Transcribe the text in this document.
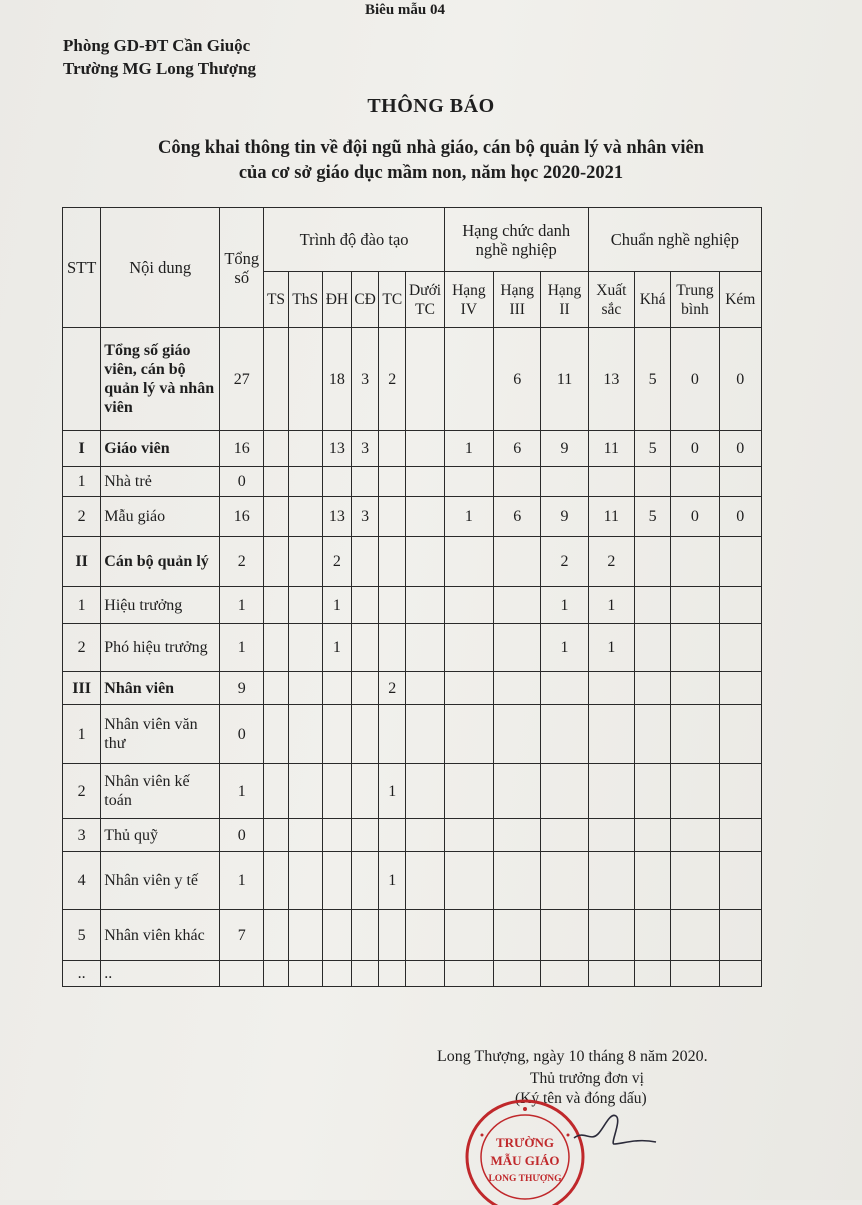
Biêu mẫu 04
Phòng GD-ĐT Cần Giuộc
Trường MG Long Thượng
THÔNG BÁO
Công khai thông tin về đội ngũ nhà giáo, cán bộ quản lý và nhân viên
của cơ sở giáo dục mầm non, năm học 2020-2021
STT	Nội dung	Tổng số	Trình độ đào tạo						Hạng chức danh nghề nghiệp			Chuẩn nghề nghiệp			
			TS	ThS	ĐH	CĐ	TC	Dưới TC	Hạng IV	Hạng III	Hạng II	Xuất sắc	Khá	Trung bình	Kém
	Tổng số giáo viên, cán bộ quản lý và nhân viên	27			18	3	2			6	11	13	5	0	0
I	Giáo viên	16			13	3			1	6	9	11	5	0	0
1	Nhà trẻ	0													
2	Mẫu giáo	16			13	3			1	6	9	11	5	0	0
II	Cán bộ quản lý	2			2						2	2			
1	Hiệu trưởng	1			1						1	1			
2	Phó hiệu trưởng	1			1						1	1			
III	Nhân viên	9					2								
1	Nhân viên văn thư	0													
2	Nhân viên kế toán	1					1								
3	Thủ quỹ	0													
4	Nhân viên y tế	1					1								
5	Nhân viên khác	7													
..	..														
Long Thượng, ngày 10 tháng 8 năm 2020.
Thủ trưởng đơn vị
(Ký tên và đóng dấu)
TRƯỜNG
MẪU GIÁO
LONG THƯỢNG
